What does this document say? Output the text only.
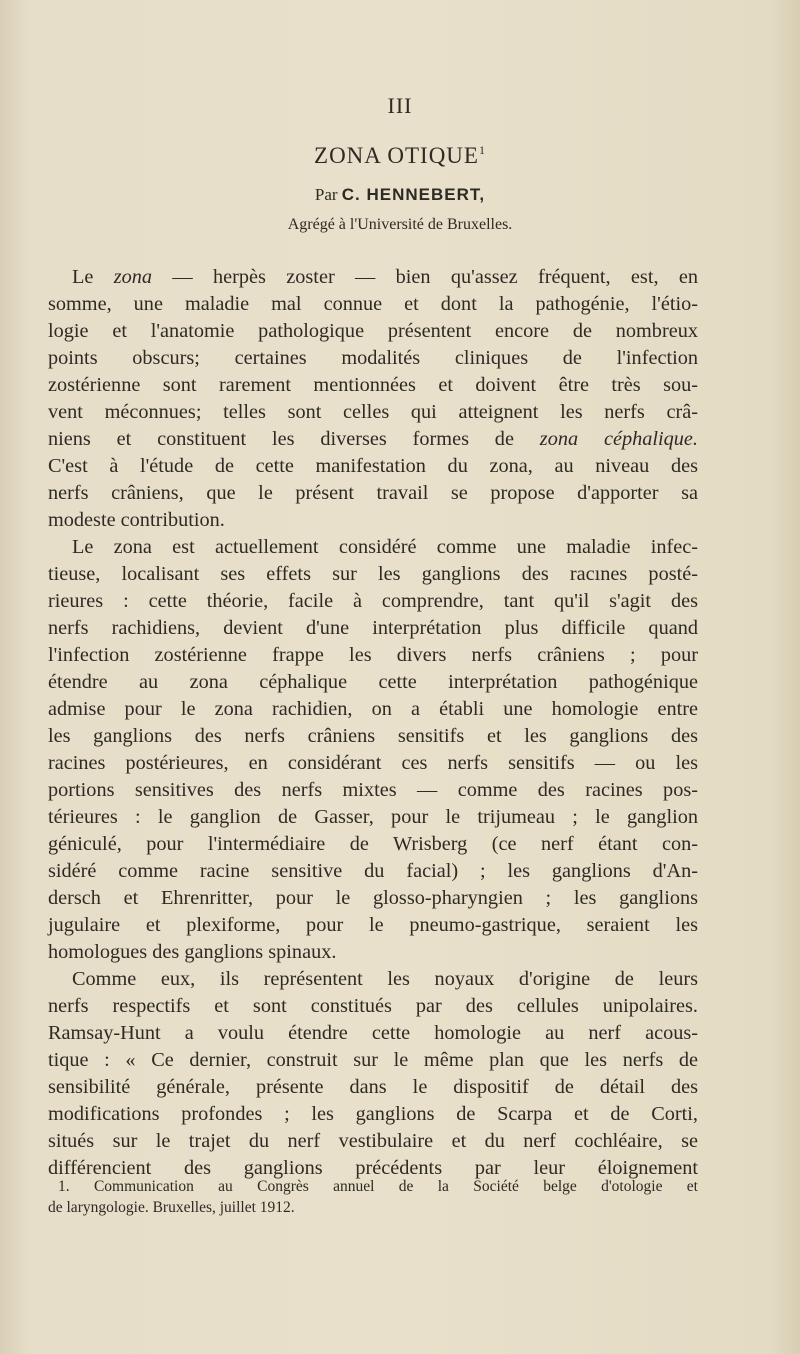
III
ZONA OTIQUE$^1$
Par C. HENNEBERT,
Agrégé à l'Université de Bruxelles.
Le zona — herpès zoster — bien qu'assez fréquent, est, en
somme, une maladie mal connue et dont la pathogénie, l'étio-
logie et l'anatomie pathologique présentent encore de nombreux
points obscurs; certaines modalités cliniques de l'infection
zostérienne sont rarement mentionnées et doivent être très sou-
vent méconnues; telles sont celles qui atteignent les nerfs crâ-
niens et constituent les diverses formes de zona céphalique.
C'est à l'étude de cette manifestation du zona, au niveau des
nerfs crâniens, que le présent travail se propose d'apporter sa
modeste contribution.
Le zona est actuellement considéré comme une maladie infec-
tieuse, localisant ses effets sur les ganglions des racınes posté-
rieures : cette théorie, facile à comprendre, tant qu'il s'agit des
nerfs rachidiens, devient d'une interprétation plus difficile quand
l'infection zostérienne frappe les divers nerfs crâniens ; pour
étendre au zona céphalique cette interprétation pathogénique
admise pour le zona rachidien, on a établi une homologie entre
les ganglions des nerfs crâniens sensitifs et les ganglions des
racines postérieures, en considérant ces nerfs sensitifs — ou les
portions sensitives des nerfs mixtes — comme des racines pos-
térieures : le ganglion de Gasser, pour le trijumeau ; le ganglion
géniculé, pour l'intermédiaire de Wrisberg (ce nerf étant con-
sidéré comme racine sensitive du facial) ; les ganglions d'An-
dersch et Ehrenritter, pour le glosso-pharyngien ; les ganglions
jugulaire et plexiforme, pour le pneumo-gastrique, seraient les
homologues des ganglions spinaux.
Comme eux, ils représentent les noyaux d'origine de leurs
nerfs respectifs et sont constitués par des cellules unipolaires.
Ramsay-Hunt a voulu étendre cette homologie au nerf acous-
tique : « Ce dernier, construit sur le même plan que les nerfs de
sensibilité générale, présente dans le dispositif de détail des
modifications profondes ; les ganglions de Scarpa et de Corti,
situés sur le trajet du nerf vestibulaire et du nerf cochléaire, se
différencient des ganglions précédents par leur éloignement
1. Communication au Congrès annuel de la Société belge d'otologie et
de laryngologie. Bruxelles, juillet 1912.
